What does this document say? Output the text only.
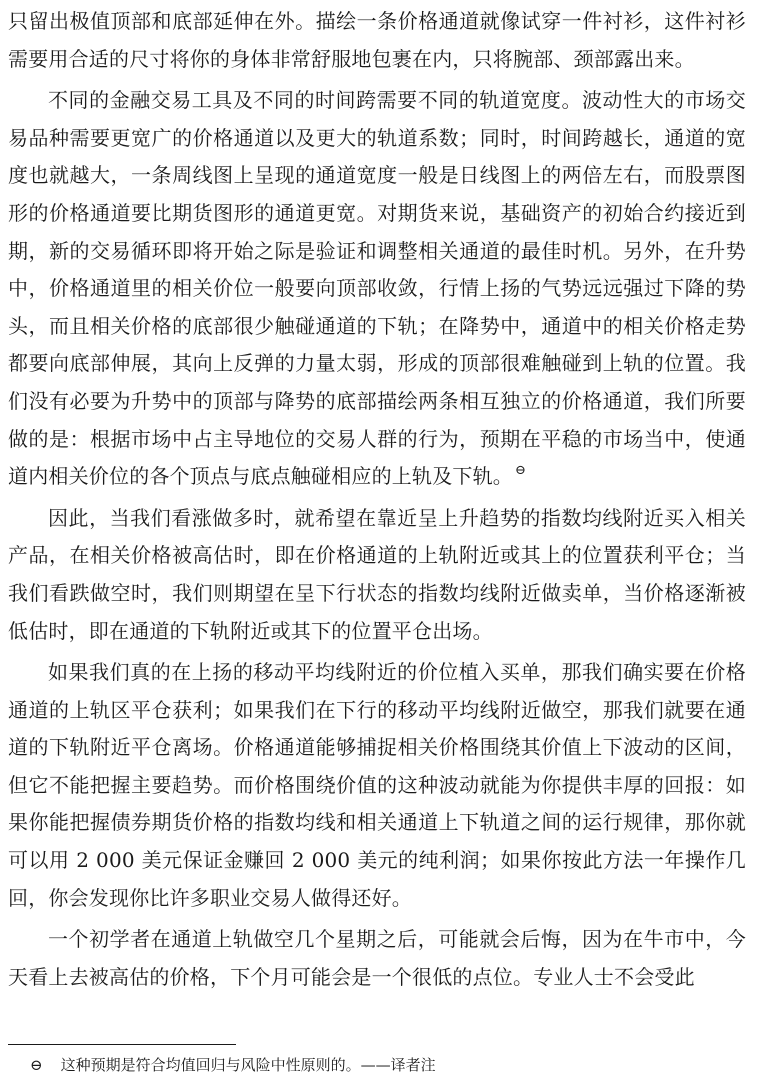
只留出极值顶部和底部延伸在外。描绘一条价格通道就像试穿一件衬衫，这件衬衫需要用合适的尺寸将你的身体非常舒服地包裹在内，只将腕部、颈部露出来。

不同的金融交易工具及不同的时间跨需要不同的轨道宽度。波动性大的市场交易品种需要更宽广的价格通道以及更大的轨道系数；同时，时间跨越长，通道的宽度也就越大，一条周线图上呈现的通道宽度一般是日线图上的两倍左右，而股票图形的价格通道要比期货图形的通道更宽。对期货来说，基础资产的初始合约接近到期，新的交易循环即将开始之际是验证和调整相关通道的最佳时机。另外，在升势中，价格通道里的相关价位一般要向顶部收敛，行情上扬的气势远远强过下降的势头，而且相关价格的底部很少触碰通道的下轨；在降势中，通道中的相关价格走势都要向底部伸展，其向上反弹的力量太弱，形成的顶部很难触碰到上轨的位置。我们没有必要为升势中的顶部与降势的底部描绘两条相互独立的价格通道，我们所要做的是：根据市场中占主导地位的交易人群的行为，预期在平稳的市场当中，使通道内相关价位的各个顶点与底点触碰相应的上轨及下轨。 ⊖

因此，当我们看涨做多时，就希望在靠近呈上升趋势的指数均线附近买入相关产品，在相关价格被高估时，即在价格通道的上轨附近或其上的位置获利平仓；当我们看跌做空时，我们则期望在呈下行状态的指数均线附近做卖单，当价格逐渐被低估时，即在通道的下轨附近或其下的位置平仓出场。

如果我们真的在上扬的移动平均线附近的价位植入买单，那我们确实要在价格通道的上轨区平仓获利；如果我们在下行的移动平均线附近做空，那我们就要在通道的下轨附近平仓离场。价格通道能够捕捉相关价格围绕其价值上下波动的区间，但它不能把握主要趋势。而价格围绕价值的这种波动就能为你提供丰厚的回报：如果你能把握债券期货价格的指数均线和相关通道上下轨道之间的运行规律，那你就可以用 2 000 美元保证金赚回 2 000 美元的纯利润；如果你按此方法一年操作几回，你会发现你比许多职业交易人做得还好。

一个初学者在通道上轨做空几个星期之后，可能就会后悔，因为在牛市中，今天看上去被高估的价格，下个月可能会是一个很低的点位。专业人士不会受此

⊖ 这种预期是符合均值回归与风险中性原则的。——译者注
